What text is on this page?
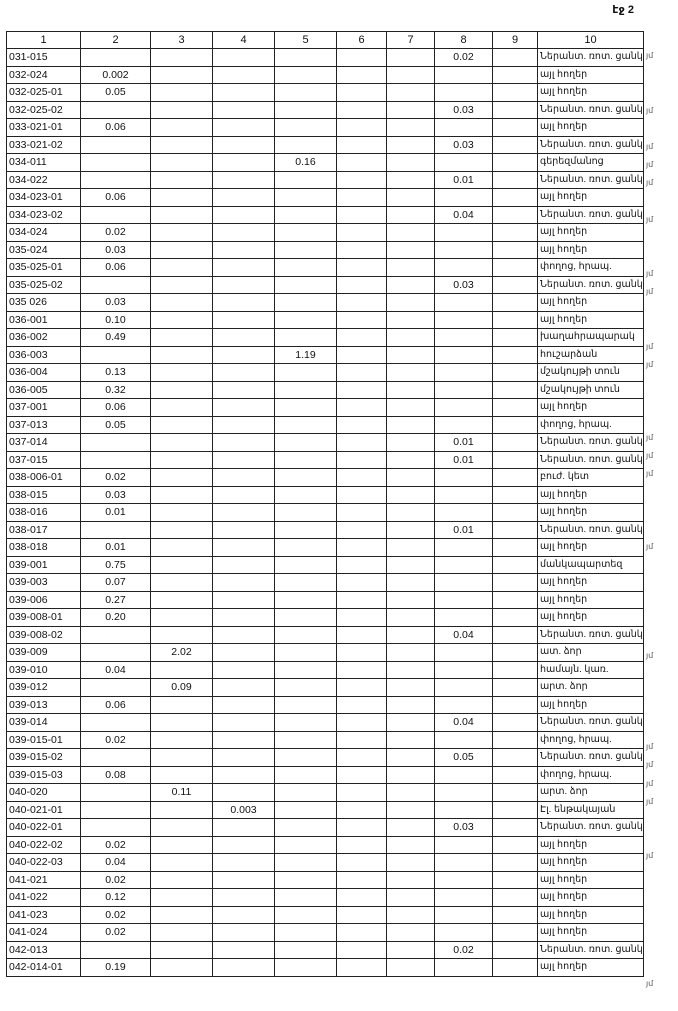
էջ 2
1	2	3	4	5	6	7	8	9	10
031-015							0.02		Ներանտ. ռոտ. ցանկ
032-024	0.002								այլ հողեր
032-025-01	0.05								այլ հողեր
032-025-02							0.03		Ներանտ. ռոտ. ցանկ
033-021-01	0.06								այլ հողեր
033-021-02							0.03		Ներանտ. ռոտ. ցանկ
034-011				0.16					գերեզմանոց
034-022							0.01		Ներանտ. ռոտ. ցանկ
034-023-01	0.06								այլ հողեր
034-023-02							0.04		Ներանտ. ռոտ. ցանկ
034-024	0.02								այլ հողեր
035-024	0.03								այլ հողեր
035-025-01	0.06								փողոց, հրապ.
035-025-02							0.03		Ներանտ. ռոտ. ցանկ
035 026	0.03								այլ հողեր
036-001	0.10								այլ հողեր
036-002	0.49								խաղահրապարակ
036-003				1.19					հուշարձան
036-004	0.13								մշակույթի տուն
036-005	0.32								մշակույթի տուն
037-001	0.06								այլ հողեր
037-013	0.05								փողոց, հրապ.
037-014							0.01		Ներանտ. ռոտ. ցանկ
037-015							0.01		Ներանտ. ռոտ. ցանկ
038-006-01	0.02								բուժ. կետ
038-015	0.03								այլ հողեր
038-016	0.01								այլ հողեր
038-017							0.01		Ներանտ. ռոտ. ցանկ
038-018	0.01								այլ հողեր
039-001	0.75								մանկապարտեզ
039-003	0.07								այլ հողեր
039-006	0.27								այլ հողեր
039-008-01	0.20								այլ հողեր
039-008-02							0.04		Ներանտ. ռոտ. ցանկ
039-009		2.02							ատ. ձոր
039-010	0.04								համայն. կառ.
039-012		0.09							արտ. ձոր
039-013	0.06								այլ հողեր
039-014							0.04		Ներանտ. ռոտ. ցանկ
039-015-01	0.02								փողոց, հրապ.
039-015-02							0.05		Ներանտ. ռոտ. ցանկ
039-015-03	0.08								փողոց, հրապ.
040-020		0.11							արտ. ձոր
040-021-01			0.003						Էլ. ենթակայան
040-022-01							0.03		Ներանտ. ռոտ. ցանկ
040-022-02	0.02								այլ հողեր
040-022-03	0.04								այլ հողեր
041-021	0.02								այլ հողեր
041-022	0.12								այլ հողեր
041-023	0.02								այլ հողեր
041-024	0.02								այլ հողեր
042-013							0.02		Ներանտ. ռոտ. ցանկ
042-014-01	0.19								այլ հողեր
յմ
յմ
յմ
յմ
յմ
յմ
յմ
յմ
յմ
յմ
յմ
յմ
յմ
յմ
յմ
յմ
յմ
յմ
յմ
յմ
յմ
